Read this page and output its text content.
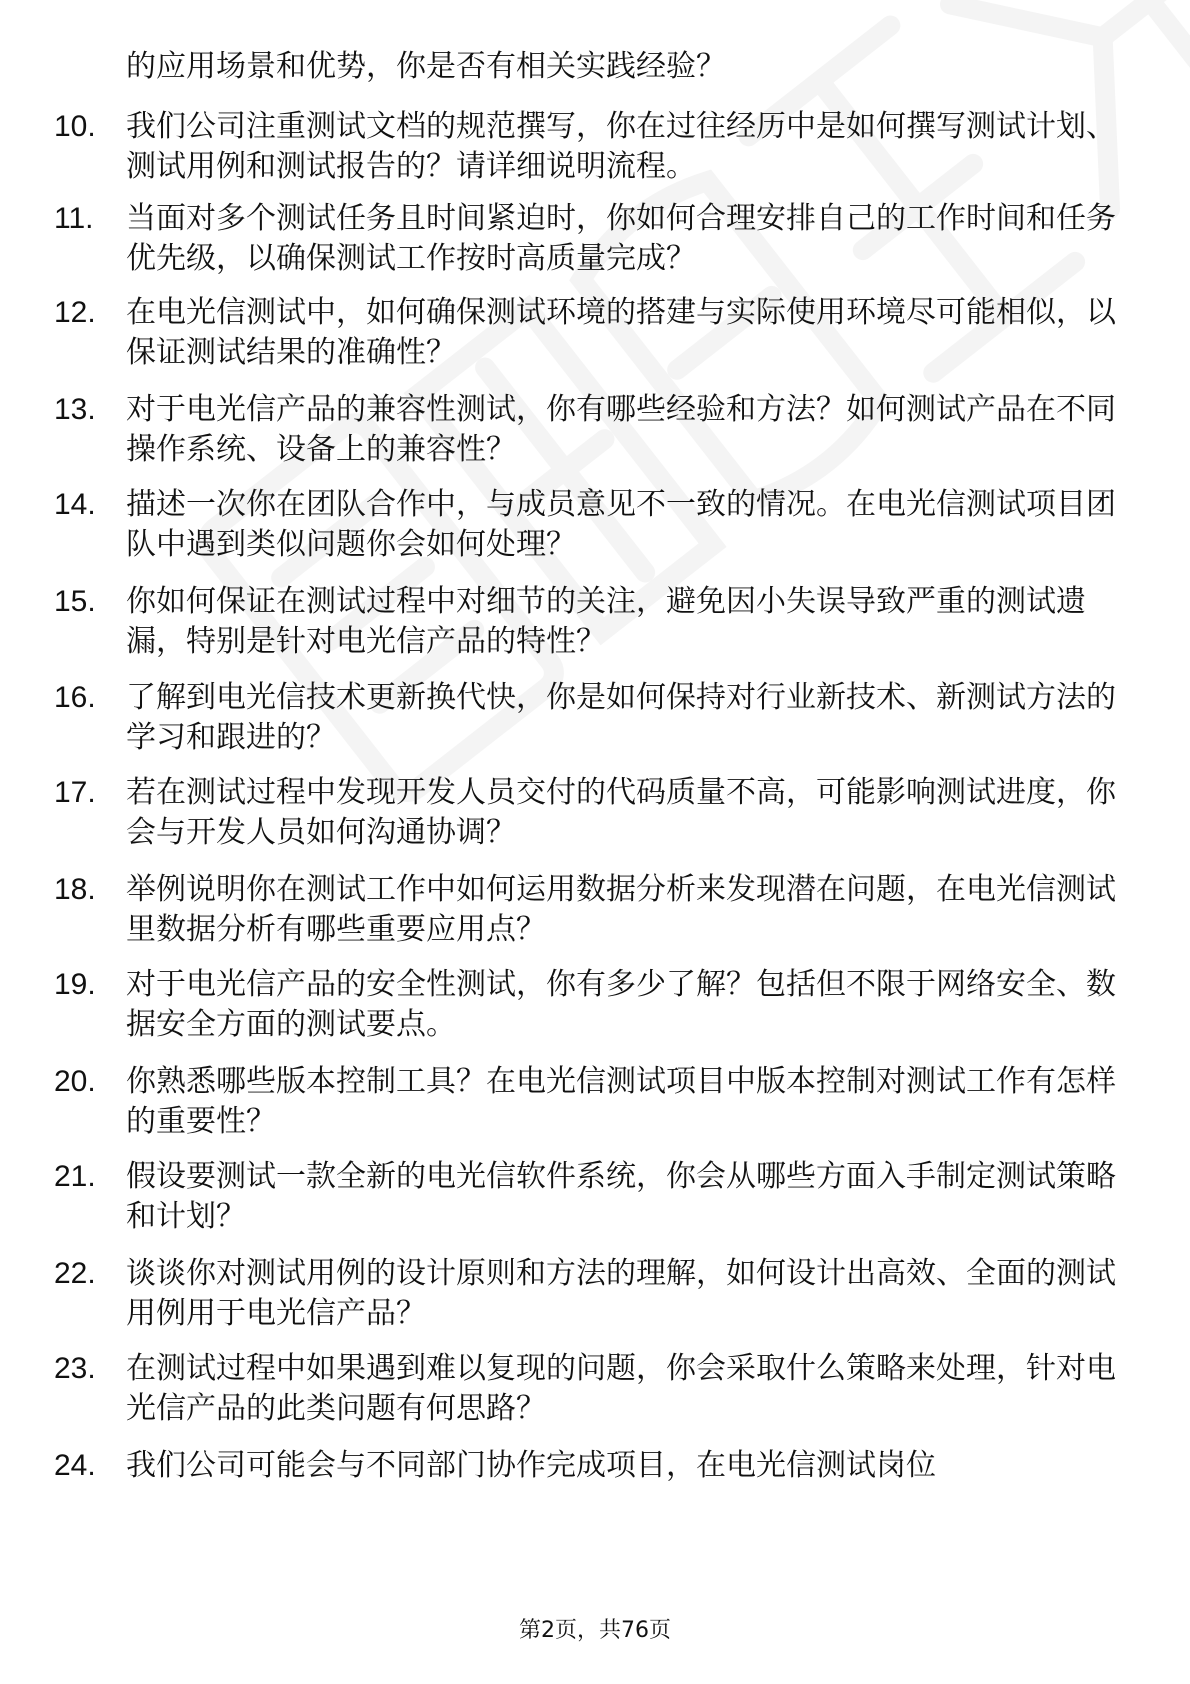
的应用场景和优势，你是否有相关实践经验？

10.	我们公司注重测试文档的规范撰写，你在过往经历中是如何撰写测试计划、测试用例和测试报告的？请详细说明流程。
11.	当面对多个测试任务且时间紧迫时，你如何合理安排自己的工作时间和任务优先级，以确保测试工作按时高质量完成？
12.	在电光信测试中，如何确保测试环境的搭建与实际使用环境尽可能相似，以保证测试结果的准确性？
13.	对于电光信产品的兼容性测试，你有哪些经验和方法？如何测试产品在不同操作系统、设备上的兼容性？
14.	描述一次你在团队合作中，与成员意见不一致的情况。在电光信测试项目团队中遇到类似问题你会如何处理？
15.	你如何保证在测试过程中对细节的关注，避免因小失误导致严重的测试遗漏，特别是针对电光信产品的特性？
16.	了解到电光信技术更新换代快，你是如何保持对行业新技术、新测试方法的学习和跟进的？
17.	若在测试过程中发现开发人员交付的代码质量不高，可能影响测试进度，你会与开发人员如何沟通协调？
18.	举例说明你在测试工作中如何运用数据分析来发现潜在问题，在电光信测试里数据分析有哪些重要应用点？
19.	对于电光信产品的安全性测试，你有多少了解？包括但不限于网络安全、数据安全方面的测试要点。
20.	你熟悉哪些版本控制工具？在电光信测试项目中版本控制对测试工作有怎样的重要性？
21.	假设要测试一款全新的电光信软件系统，你会从哪些方面入手制定测试策略和计划？
22.	谈谈你对测试用例的设计原则和方法的理解，如何设计出高效、全面的测试用例用于电光信产品？
23.	在测试过程中如果遇到难以复现的问题，你会采取什么策略来处理，针对电光信产品的此类问题有何思路？
24.	我们公司可能会与不同部门协作完成项目，在电光信测试岗位
第2页，共76页
